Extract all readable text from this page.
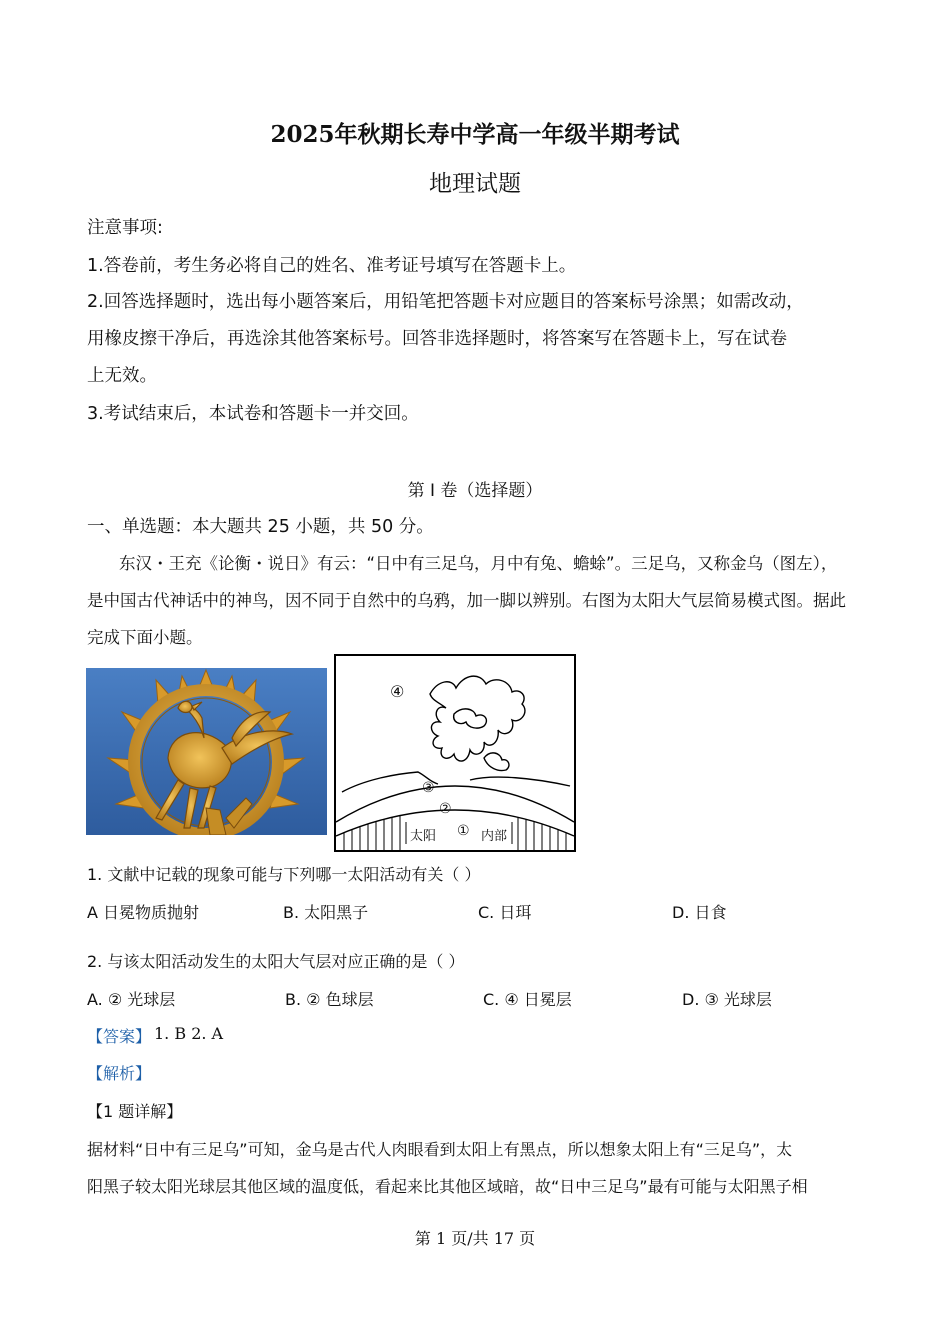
2025年秋期长寿中学高一年级半期考试
地理试题
注意事项:
1.答卷前，考生务必将自己的姓名、准考证号填写在答题卡上。
2.回答选择题时，选出每小题答案后，用铅笔把答题卡对应题目的答案标号涂黑；如需改动，
用橡皮擦干净后，再选涂其他答案标号。回答非选择题时，将答案写在答题卡上，写在试卷
上无效。
3.考试结束后，本试卷和答题卡一并交回。
第 I 卷（选择题）
一、单选题：本大题共 25 小题，共 50 分。
东汉・王充《论衡・说日》有云：“日中有三足乌，月中有兔、蟾蜍”。三足乌，又称金乌（图左），
是中国古代神话中的神鸟，因不同于自然中的乌鸦，加一脚以辨别。右图为太阳大气层简易模式图。据此
完成下面小题。
④
③
②
①
太阳	内部
1. 文献中记载的现象可能与下列哪一太阳活动有关（ ）
A 日冕物质抛射	B. 太阳黑子	C. 日珥	D. 日食
2. 与该太阳活动发生的太阳大气层对应正确的是（ ）
A. ② 光球层	B. ② 色球层	C. ④ 日冕层	D. ③ 光球层
【答案】 1. B 2. A
【解析】
【1 题详解】
据材料“日中有三足乌”可知，金乌是古代人肉眼看到太阳上有黑点，所以想象太阳上有“三足乌”，太
阳黑子较太阳光球层其他区域的温度低，看起来比其他区域暗，故“日中三足乌”最有可能与太阳黑子相
第 1 页/共 17 页
